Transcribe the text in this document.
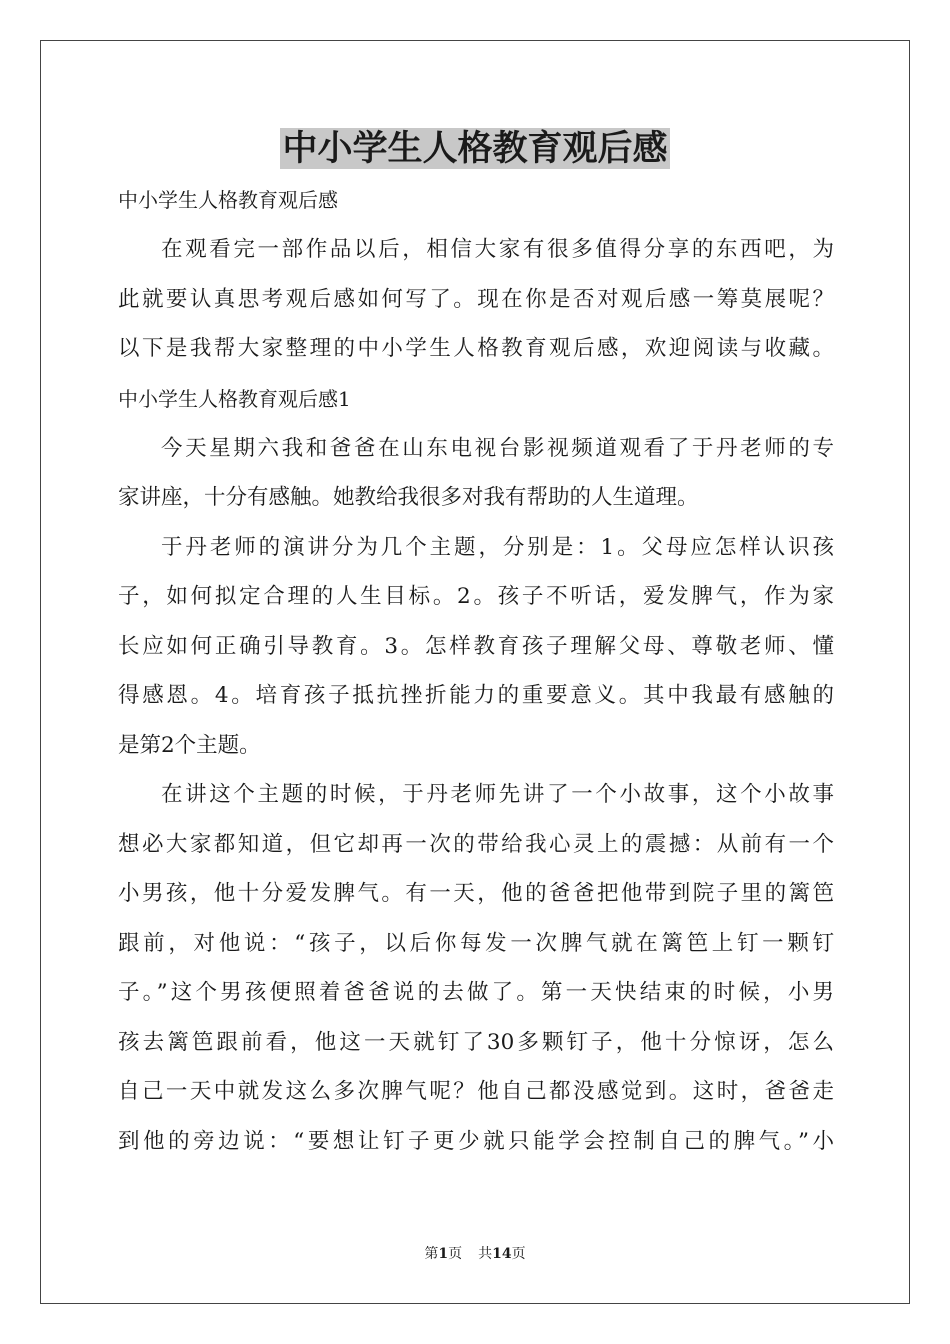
中小学生人格教育观后感
中小学生人格教育观后感
在观看完一部作品以后，相信大家有很多值得分享的东西吧，为
此就要认真思考观后感如何写了。现在你是否对观后感一筹莫展呢？
以下是我帮大家整理的中小学生人格教育观后感，欢迎阅读与收藏。
中小学生人格教育观后感1
今天星期六我和爸爸在山东电视台影视频道观看了于丹老师的专
家讲座，十分有感触。她教给我很多对我有帮助的人生道理。
于丹老师的演讲分为几个主题，分别是：1。父母应怎样认识孩
子，如何拟定合理的人生目标。2。孩子不听话，爱发脾气，作为家
长应如何正确引导教育。3。怎样教育孩子理解父母、尊敬老师、懂
得感恩。4。培育孩子抵抗挫折能力的重要意义。其中我最有感触的
是第2个主题。
在讲这个主题的时候，于丹老师先讲了一个小故事，这个小故事
想必大家都知道，但它却再一次的带给我心灵上的震撼：从前有一个
小男孩，他十分爱发脾气。有一天，他的爸爸把他带到院子里的篱笆
跟前，对他说：“孩子，以后你每发一次脾气就在篱笆上钉一颗钉
子。”这个男孩便照着爸爸说的去做了。第一天快结束的时候，小男
孩去篱笆跟前看，他这一天就钉了30多颗钉子，他十分惊讶，怎么
自己一天中就发这么多次脾气呢？他自己都没感觉到。这时，爸爸走
到他的旁边说：“要想让钉子更少就只能学会控制自己的脾气。”小
第1页 共14页
